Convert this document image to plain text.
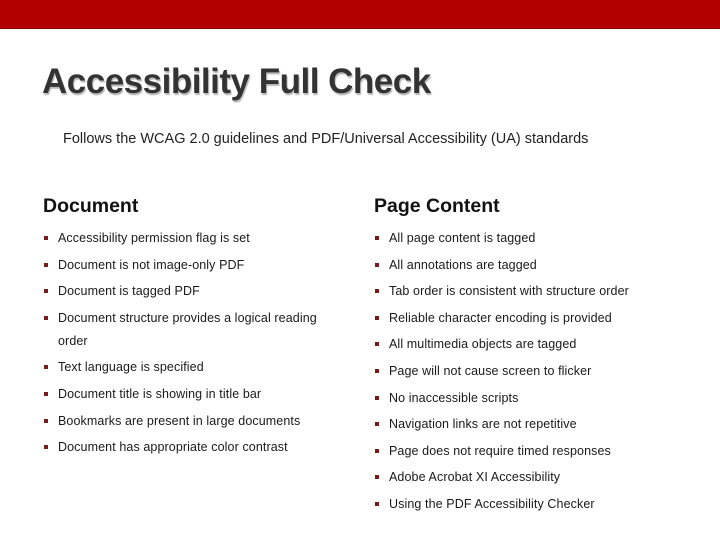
Accessibility Full Check
Follows the WCAG 2.0 guidelines and PDF/Universal Accessibility (UA) standards
Document
Accessibility permission flag is set
Document is not image-only PDF
Document is tagged PDF
Document structure provides a logical reading order
Text language is specified
Document title is showing in title bar
Bookmarks are present in large documents
Document has appropriate color contrast
Page Content
All page content is tagged
All annotations are tagged
Tab order is consistent with structure order
Reliable character encoding is provided
All multimedia objects are tagged
Page will not cause screen to flicker
No inaccessible scripts
Navigation links are not repetitive
Page does not require timed responses
Adobe Acrobat XI Accessibility
Using the PDF Accessibility Checker
